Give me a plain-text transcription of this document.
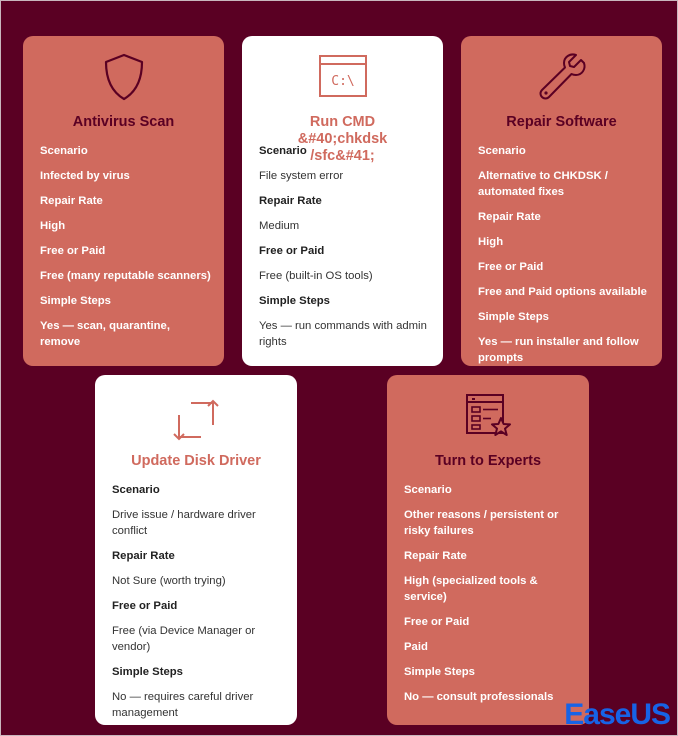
Antivirus Scan

Scenario

Infected by virus

Repair Rate

High

Free or Paid

Free (many reputable scanners)

Simple Steps

Yes — scan, quarantine, remove

C:\
Run CMD &#40;chkdsk /sfc&#41;

Scenario

File system error

Repair Rate

Medium

Free or Paid

Free (built-in OS tools)

Simple Steps

Yes — run commands with admin rights

Repair Software

Scenario

Alternative to CHKDSK / automated fixes

Repair Rate

High

Free or Paid

Free and Paid options available

Simple Steps

Yes — run installer and follow prompts

Update Disk Driver

Scenario

Drive issue / hardware driver conflict

Repair Rate

Not Sure (worth trying)

Free or Paid

Free (via Device Manager or vendor)

Simple Steps

No — requires careful driver management

Turn to Experts

Scenario

Other reasons / persistent or risky failures

Repair Rate

High (specialized tools & service)

Free or Paid

Paid

Simple Steps

No — consult professionals

EaseUS
